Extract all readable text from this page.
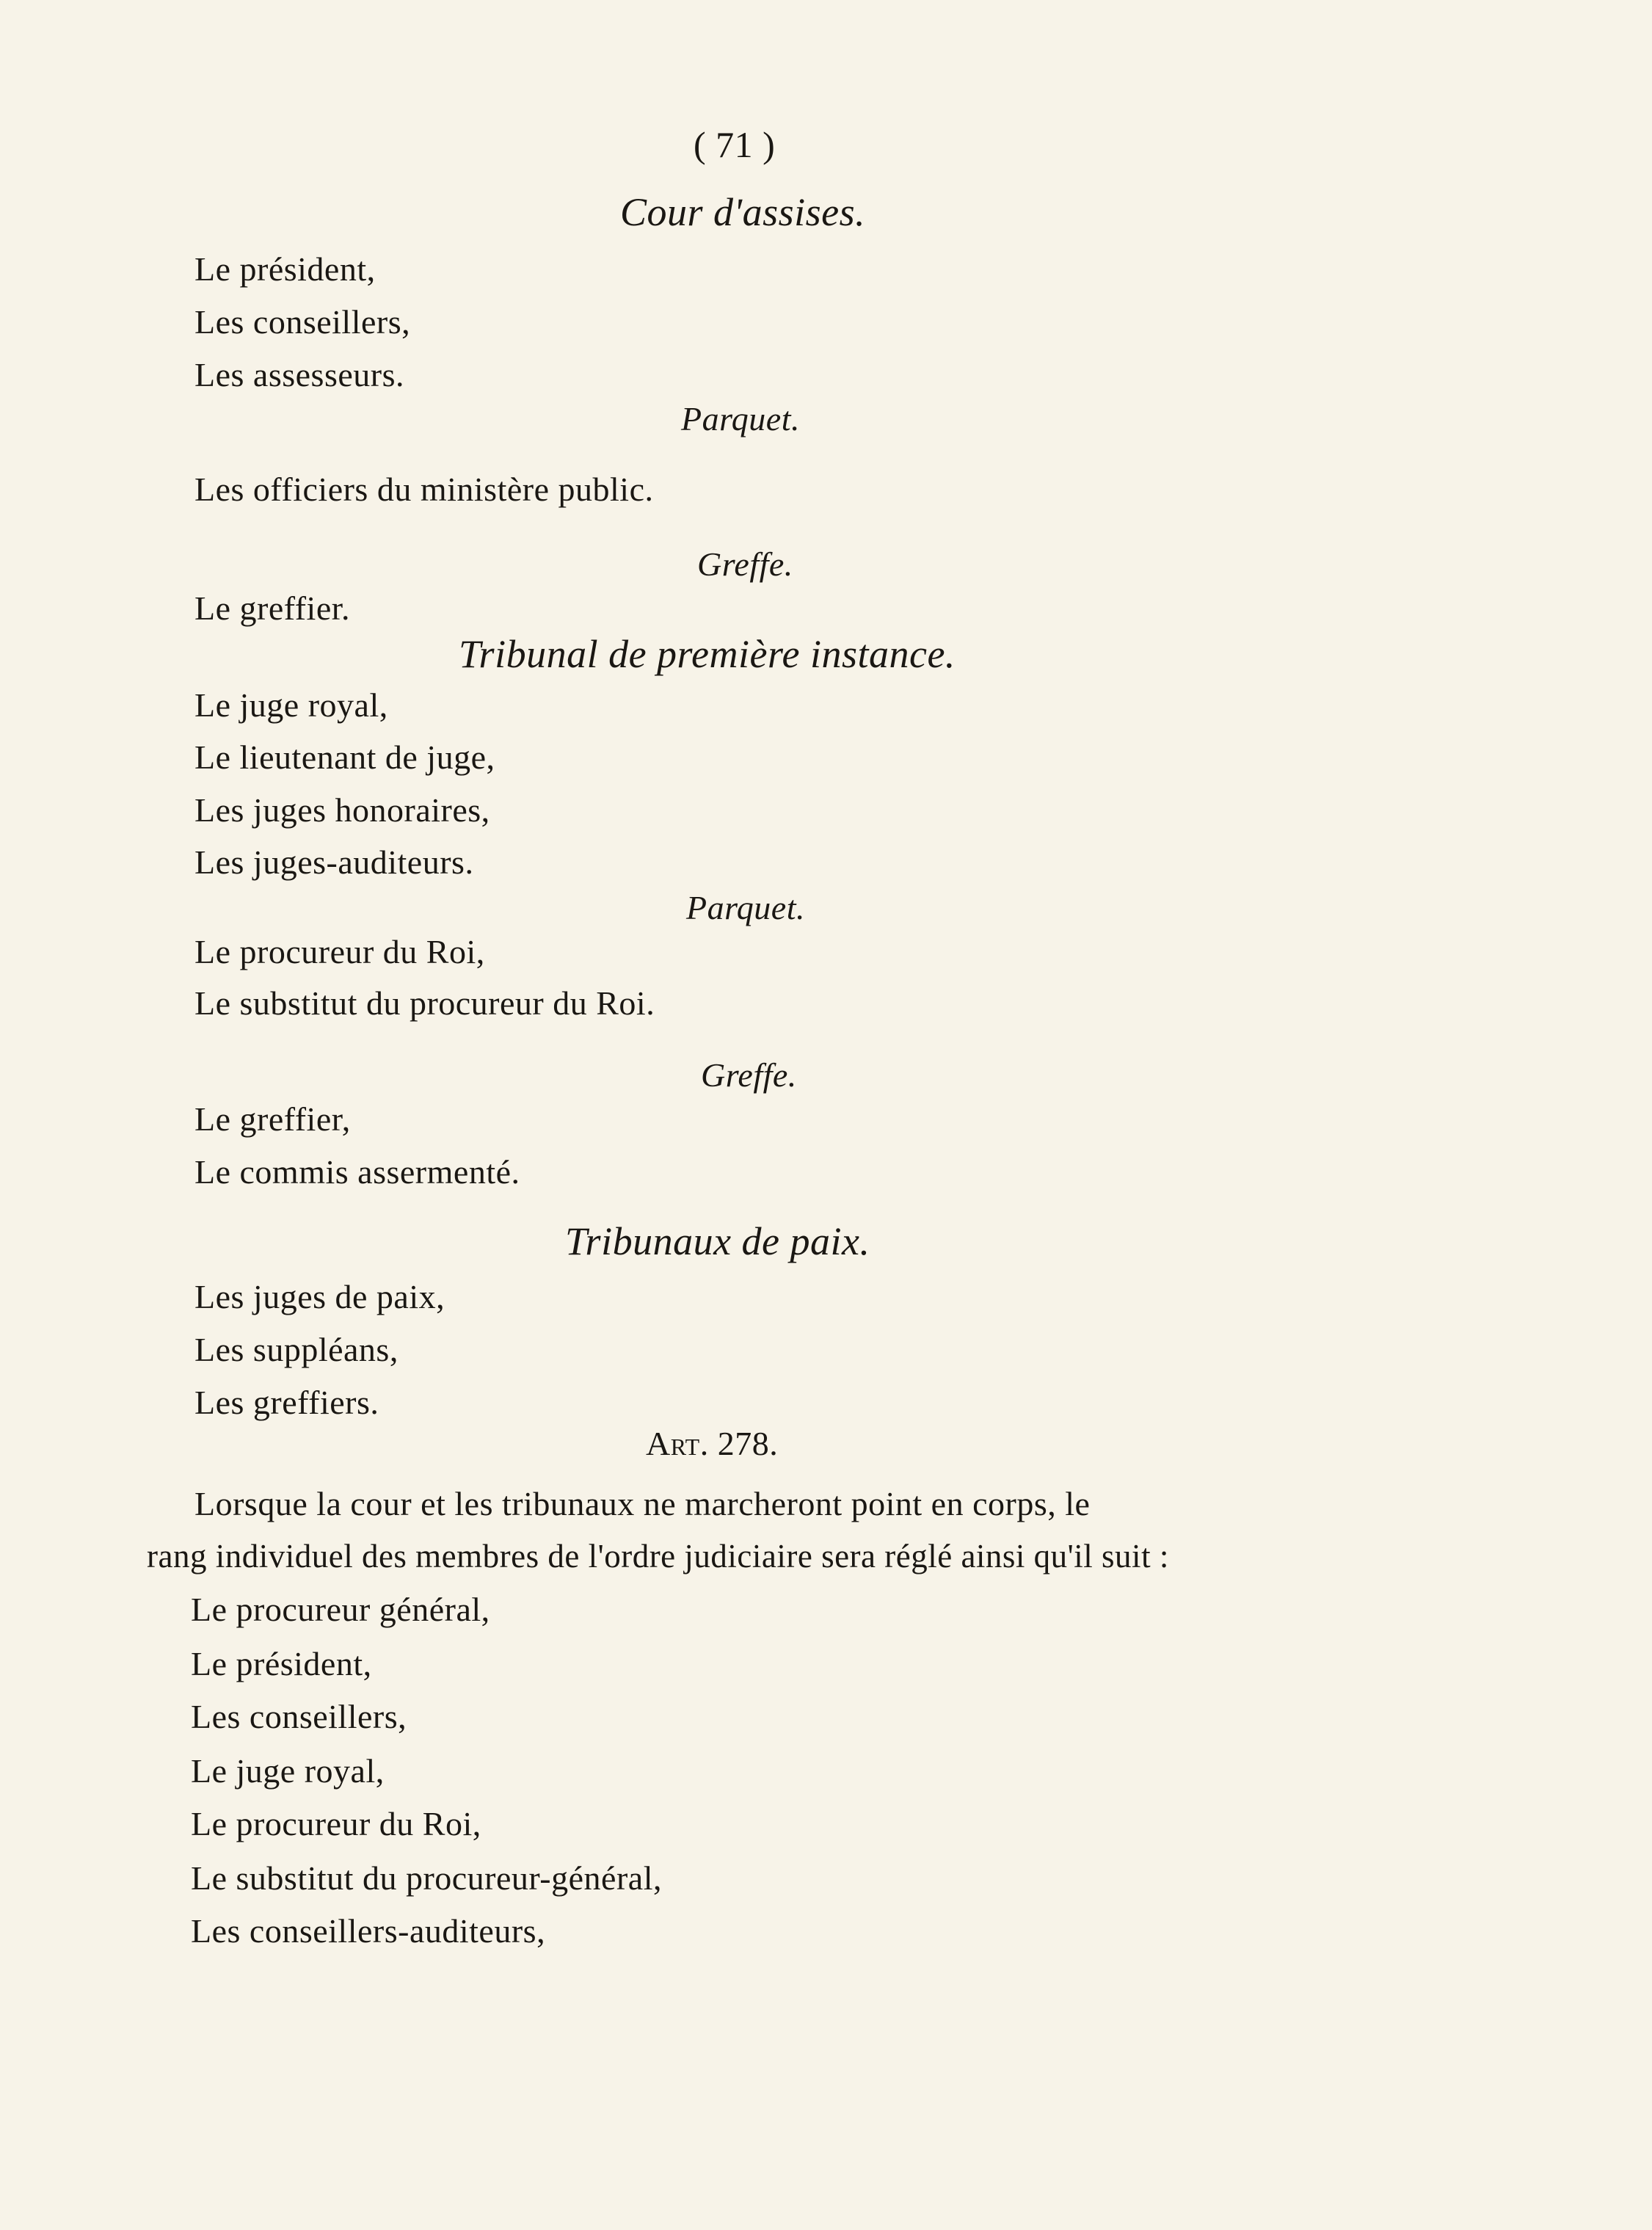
( 71 )
Cour d'assises.
Le président,
Les conseillers,
Les assesseurs.
Parquet.
Les officiers du ministère public.
Greffe.
Le greffier.
Tribunal de première instance.
Le juge royal,
Le lieutenant de juge,
Les juges honoraires,
Les juges-auditeurs.
Parquet.
Le procureur du Roi,
Le substitut du procureur du Roi.
Greffe.
Le greffier,
Le commis assermenté.
Tribunaux de paix.
Les juges de paix,
Les suppléans,
Les greffiers.
Art. 278.
Lorsque la cour et les tribunaux ne marcheront point en corps, le
rang individuel des membres de l'ordre judiciaire sera réglé ainsi qu'il suit :
Le procureur général,
Le président,
Les conseillers,
Le juge royal,
Le procureur du Roi,
Le substitut du procureur-général,
Les conseillers-auditeurs,
